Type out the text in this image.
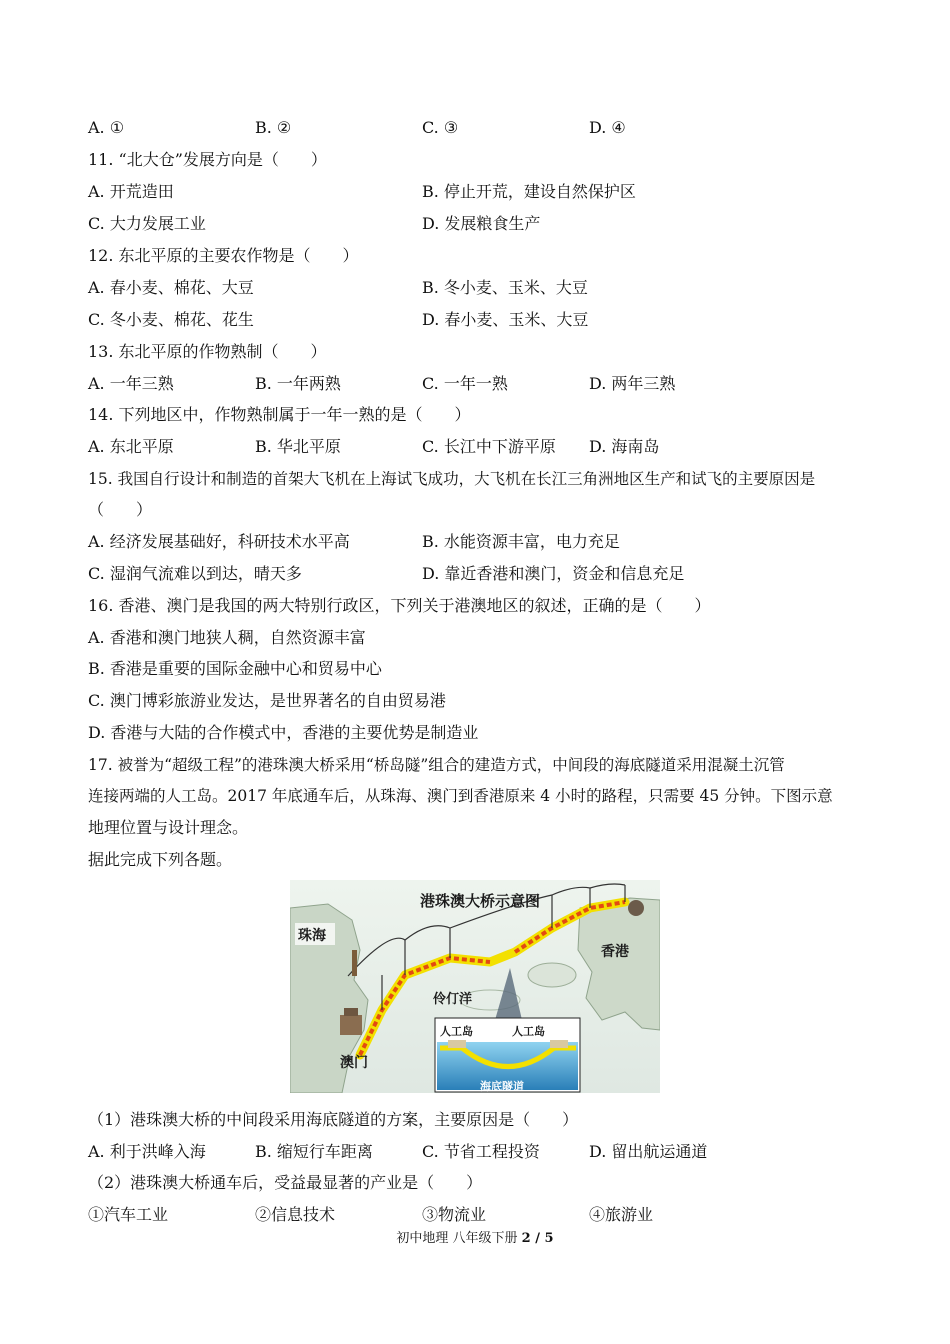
A. ①	B. ②	C. ③	D. ④
11. “北大仓”发展方向是（　　）
A. 开荒造田	B. 停止开荒，建设自然保护区
C. 大力发展工业	D. 发展粮食生产
12. 东北平原的主要农作物是（　　）
A. 春小麦、棉花、大豆	B. 冬小麦、玉米、大豆
C. 冬小麦、棉花、花生	D. 春小麦、玉米、大豆
13. 东北平原的作物熟制（　　）
A. 一年三熟	B. 一年两熟	C. 一年一熟	D. 两年三熟
14. 下列地区中，作物熟制属于一年一熟的是（　　）
A. 东北平原	B. 华北平原	C. 长江中下游平原 D. 海南岛
15. 我国自行设计和制造的首架大飞机在上海试飞成功，大飞机在长江三角洲地区生产和试飞的主要原因是
（　　）
A. 经济发展基础好，科研技术水平高	B. 水能资源丰富，电力充足
C. 湿润气流难以到达，晴天多	D. 靠近香港和澳门，资金和信息充足
16. 香港、澳门是我国的两大特别行政区，下列关于港澳地区的叙述，正确的是（　　）
A. 香港和澳门地狭人稠，自然资源丰富
B. 香港是重要的国际金融中心和贸易中心
C. 澳门博彩旅游业发达，是世界著名的自由贸易港
D. 香港与大陆的合作模式中，香港的主要优势是制造业
17. 被誉为“超级工程”的港珠澳大桥采用“桥岛隧”组合的建造方式，中间段的海底隧道采用混凝土沉管
连接两端的人工岛。2017 年底通车后，从珠海、澳门到香港原来 4 小时的路程，只需要 45 分钟。下图示意
地理位置与设计理念。
据此完成下列各题。
港珠澳大桥示意图
珠海
香港
澳门
伶仃洋
人工岛	人工岛
海底隧道
（1）港珠澳大桥的中间段采用海底隧道的方案，主要原因是（　　）
A. 利于洪峰入海	B. 缩短行车距离	C. 节省工程投资	D. 留出航运通道
（2）港珠澳大桥通车后，受益最显著的产业是（　　）
①汽车工业	②信息技术	③物流业	④旅游业
初中地理 八年级下册 2 / 5
